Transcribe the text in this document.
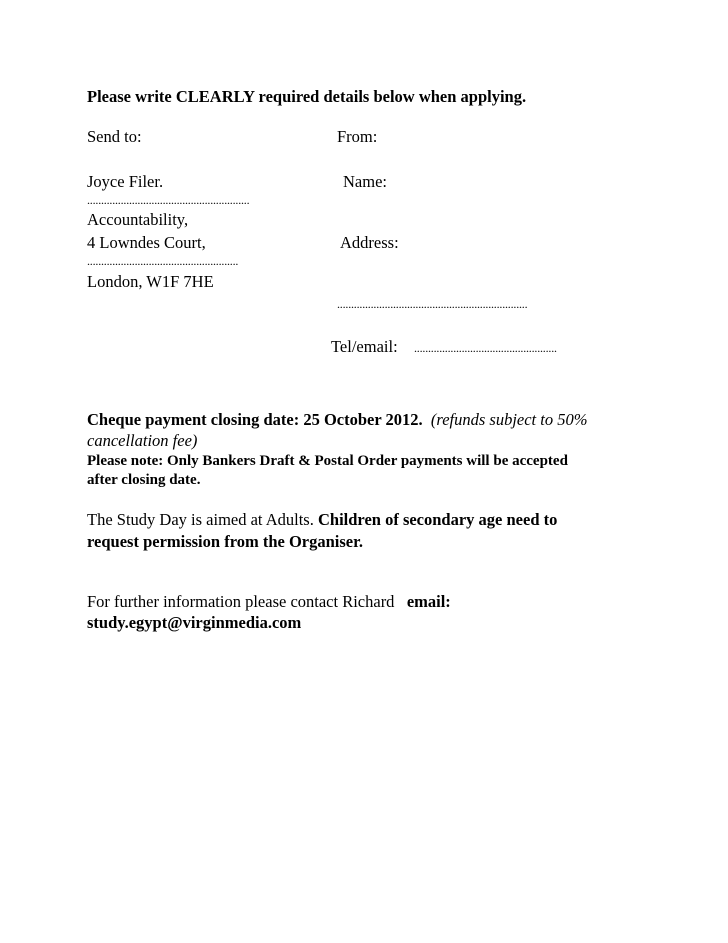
Please write CLEARLY required details below when applying.
Send to:	From:
Joyce Filer.	Name:
..........................................................
Accountability,
4 Lowndes Court,	Address:
......................................................
London, W1F 7HE
....................................................................
Tel/email: ...................................................
Cheque payment closing date: 25 October 2012. (refunds subject to 50%
cancellation fee)
Please note: Only Bankers Draft & Postal Order payments will be accepted
after closing date.
The Study Day is aimed at Adults. Children of secondary age need to
request permission from the Organiser.
For further information please contact Richard email:
study.egypt@virginmedia.com
